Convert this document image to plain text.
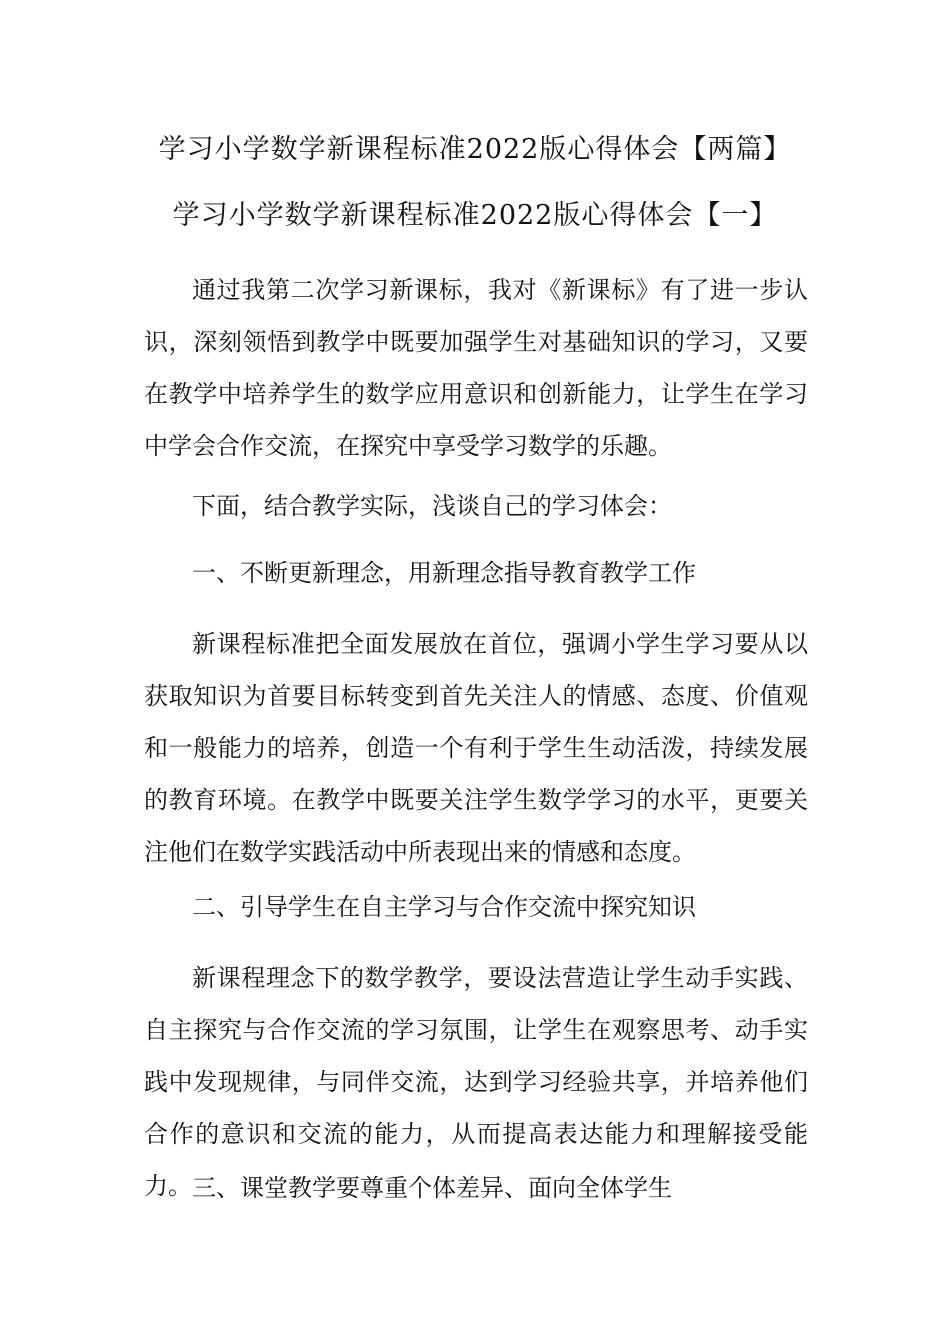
学习小学数学新课程标准2022版心得体会【两篇】
学习小学数学新课程标准2022版心得体会【一】

通过我第二次学习新课标，我对《新课标》有了进一步认识，深刻领悟到教学中既要加强学生对基础知识的学习，又要在教学中培养学生的数学应用意识和创新能力，让学生在学习中学会合作交流，在探究中享受学习数学的乐趣。

下面，结合教学实际，浅谈自己的学习体会：

一、不断更新理念，用新理念指导教育教学工作

新课程标准把全面发展放在首位，强调小学生学习要从以获取知识为首要目标转变到首先关注人的情感、态度、价值观和一般能力的培养，创造一个有利于学生生动活泼，持续发展的教育环境。在教学中既要关注学生数学学习的水平，更要关注他们在数学实践活动中所表现出来的情感和态度。

二、引导学生在自主学习与合作交流中探究知识

新课程理念下的数学教学，要设法营造让学生动手实践、自主探究与合作交流的学习氛围，让学生在观察思考、动手实践中发现规律，与同伴交流，达到学习经验共享，并培养他们合作的意识和交流的能力，从而提高表达能力和理解接受能力。 三、课堂教学要尊重个体差异、面向全体学生
